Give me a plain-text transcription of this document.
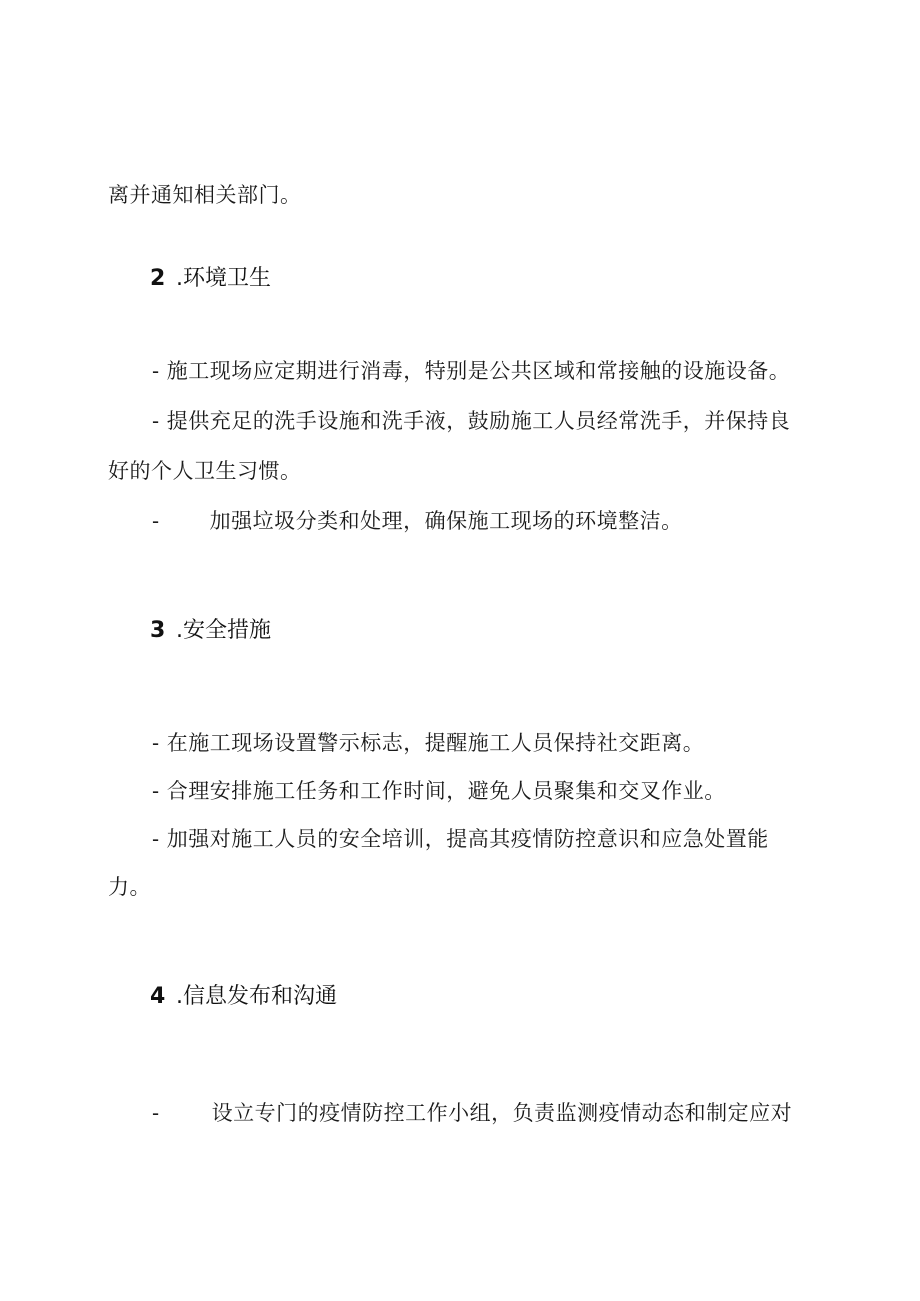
离并通知相关部门。
2 .环境卫生
- 施工现场应定期进行消毒，特别是公共区域和常接触的设施设备。
- 提供充足的洗手设施和洗手液，鼓励施工人员经常洗手，并保持良
好的个人卫生习惯。
- 加强垃圾分类和处理，确保施工现场的环境整洁。
3 .安全措施
- 在施工现场设置警示标志，提醒施工人员保持社交距离。
- 合理安排施工任务和工作时间，避免人员聚集和交叉作业。
- 加强对施工人员的安全培训，提高其疫情防控意识和应急处置能
力。
4 .信息发布和沟通
- 设立专门的疫情防控工作小组，负责监测疫情动态和制定应对
